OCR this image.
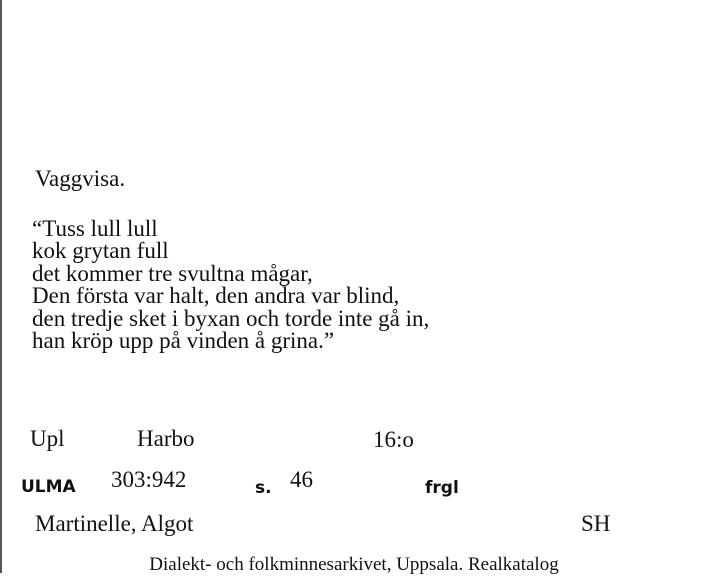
Vaggvisa.
“Tuss lull lull
kok grytan full
det kommer tre svultna mågar,
Den första var halt, den andra var blind,
den tredje sket i byxan och torde inte gå in,
han kröp upp på vinden å grina.”
Upl	Harbo	16:o
ULMA 303:942	s. 46	frgl
Martinelle, Algot	SH
Dialekt- och folkminnesarkivet, Uppsala. Realkatalog
